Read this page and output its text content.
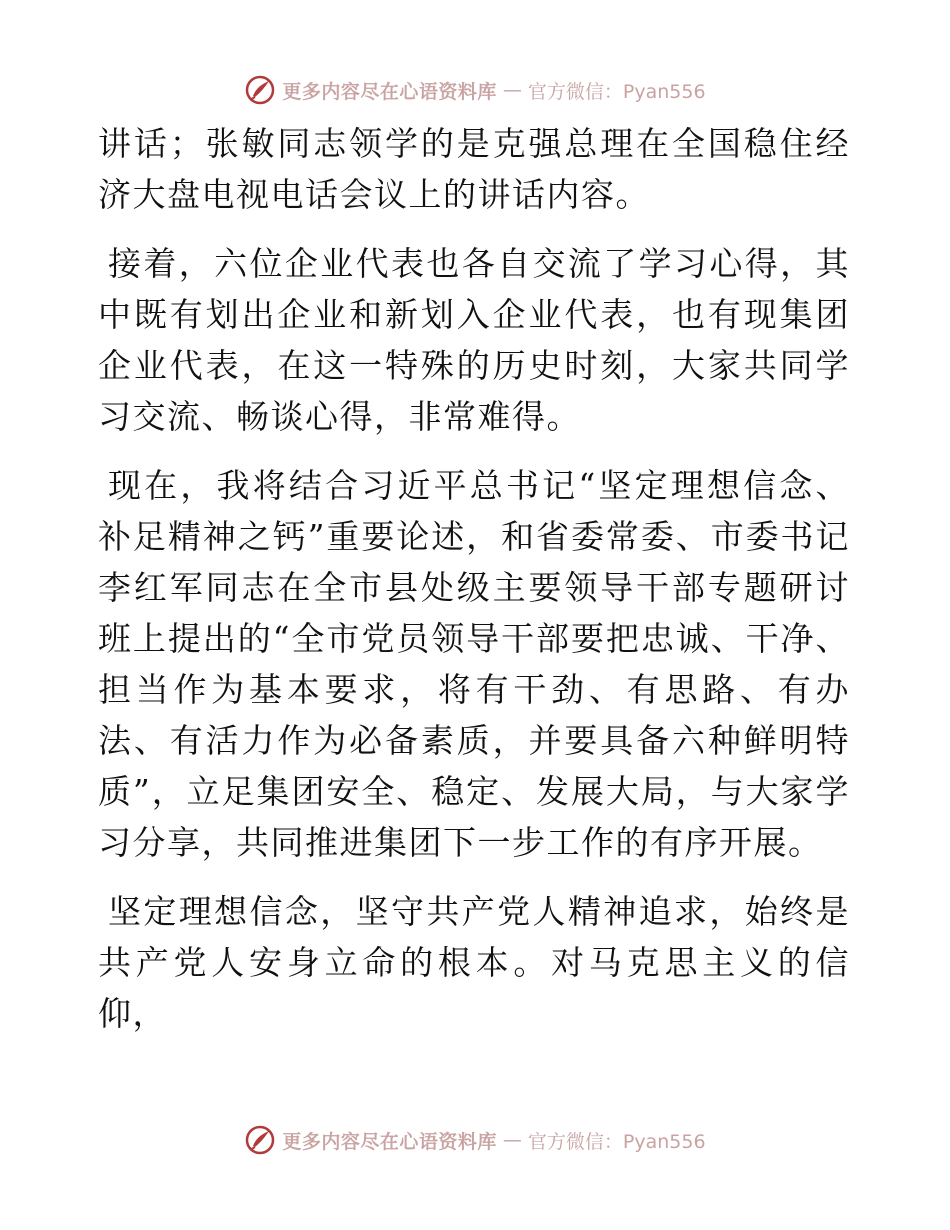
更多内容尽在心语资料库 — 官方微信：Pyan556

讲话；张敏同志领学的是克强总理在全国稳住经济大盘电视电话会议上的讲话内容。

接着，六位企业代表也各自交流了学习心得，其中既有划出企业和新划入企业代表，也有现集团企业代表，在这一特殊的历史时刻，大家共同学习交流、畅谈心得，非常难得。

现在，我将结合习近平总书记“坚定理想信念、补足精神之钙”重要论述，和省委常委、市委书记李红军同志在全市县处级主要领导干部专题研讨班上提出的“全市党员领导干部要把忠诚、干净、担当作为基本要求，将有干劲、有思路、有办法、有活力作为必备素质，并要具备六种鲜明特质”，立足集团安全、稳定、发展大局，与大家学习分享，共同推进集团下一步工作的有序开展。

坚定理想信念，坚守共产党人精神追求，始终是共产党人安身立命的根本。对马克思主义的信仰，

更多内容尽在心语资料库 — 官方微信：Pyan556
